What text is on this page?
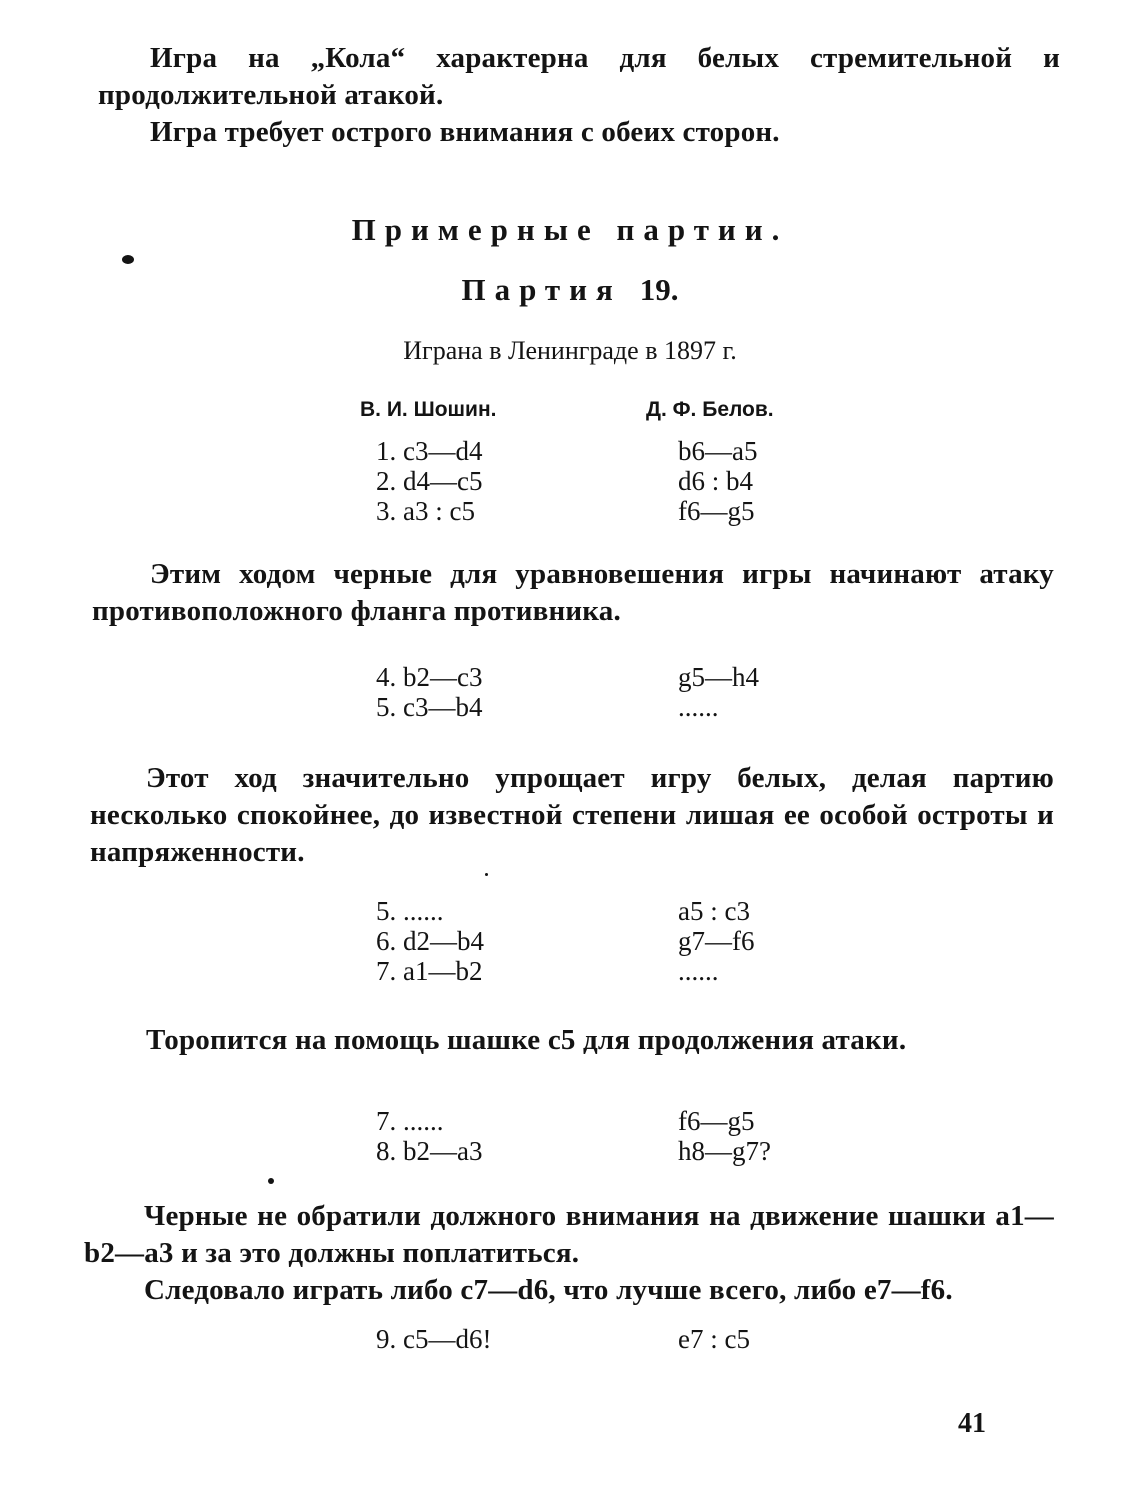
Игра на „Кола“ характерна для белых стремительной и продолжительной атакой.

Игра требует острого внимания с обеих сторон.

Примерные партии.
Партия 19.
Играна в Ленинграде в 1897 г.
В. И. Шошин.	Д. Ф. Белов.
1. c3—d4	b6—a5
2. d4—c5	d6 : b4
3. a3 : c5	f6—g5

Этим ходом черные для уравновешения игры начинают атаку противоположного фланга противника.

4. b2—c3	g5—h4
5. c3—b4	......

Этот ход значительно упрощает игру белых, делая партию несколько спокойнее, до известной степени лишая ее особой остроты и напряженности.

5. ......	a5 : c3
6. d2—b4	g7—f6
7. a1—b2	......

Торопится на помощь шашке c5 для продолжения атаки.

7. ......	f6—g5
8. b2—a3	h8—g7?

Черные не обратили должного внимания на движение шашки a1—b2—a3 и за это должны поплатиться.

Следовало играть либо c7—d6, что лучше всего, либо e7—f6.

9. c5—d6!	e7 : c5
41
